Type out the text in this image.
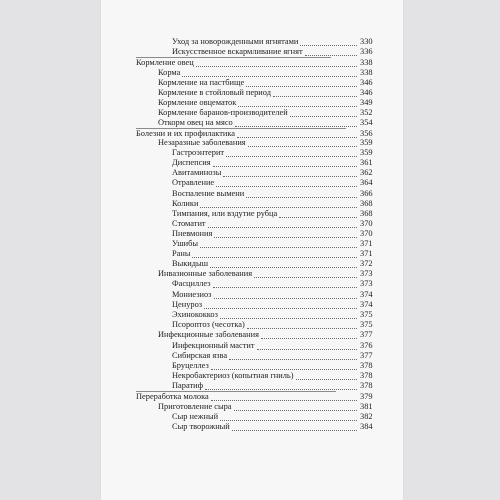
Уход за новорожденными ягнятами	330
Искусственное вскармливание ягнят	336
Кормление овец	338
Корма	338
Кормление на пастбище	346
Кормление в стойловый период	346
Кормление овцематок	349
Кормление баранов-производителей	352
Откорм овец на мясо	354
Болезни и их профилактика	356
Незаразные заболевания	359
Гастроэнтерит	359
Диспепсия	361
Авитаминозы	362
Отравление	364
Воспаление вымени	366
Колики	368
Тимпания, или вздутие рубца	368
Стоматит	370
Пневмония	370
Ушибы	371
Раны	371
Выкидыш	372
Инвазионные заболевания	373
Фасциллез	373
Мониезиоз	374
Ценуроз	374
Эхинококкоз	375
Псороптоз (чесотка)	375
Инфекционные заболевания	377
Инфекционный мастит	376
Сибирская язва	377
Бруцеллез	378
Некробактериоз (копытная гниль)	378
Паратиф	378
Переработка молока	379
Приготовление сыра	381
Сыр нежный	382
Сыр творожный	384
